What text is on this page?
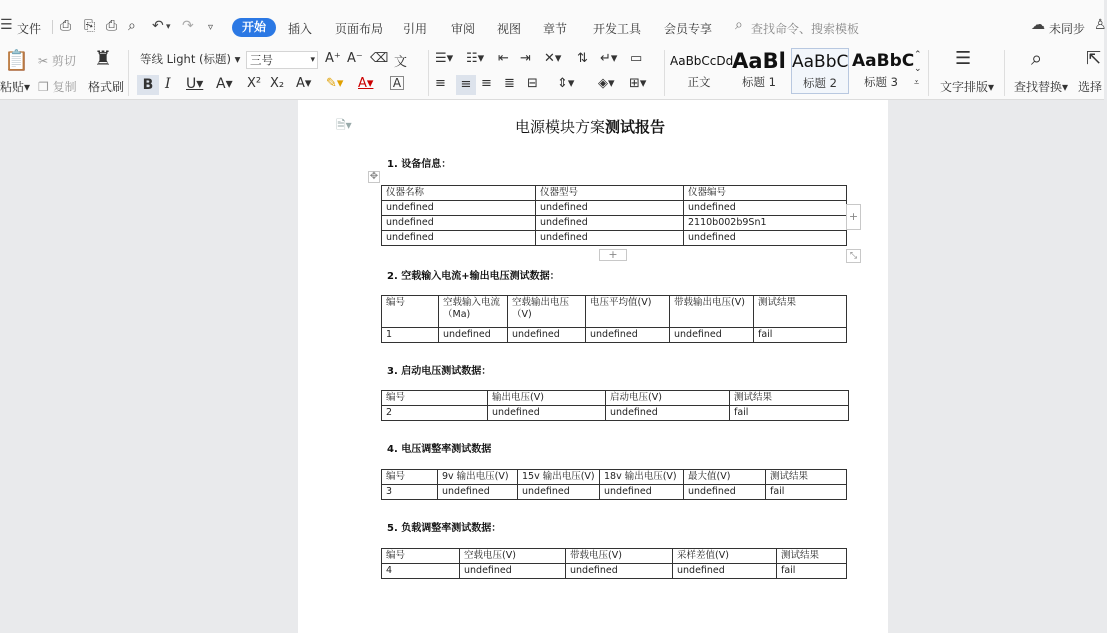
☰ 文件 ⎙ ⎘ ⎙ ⌕ ↶ ▾ ↷ ▿	开始	插入 页面布局 引用 审阅 视图 章节 开发工具 会员专享 ⌕ 查找命令、搜索模板	☁ 未同步 ♙
📋
粘贴▾
✂ 剪切
❐ 复制
♜
格式刷
等线 Light (标题) ▾ 三号	▾ A⁺ A⁻ ⌫ 文
B I U▾ A▾ X² X₂ A▾ ✎▾ A▾ A
☰▾ ☷▾ ⇤ ⇥ ✕▾ ⇅ ↵▾ ▭
≡	≡ ≡ ≣ ⊟ ⇕▾ ◈▾ ⊞▾
AaBbCcDd
正文
AaBl
标题 1
AaBbC
标题 2
AaBbC
标题 3
⌃
⌄
⩡
☰
文字排版▾
⌕
查找替换▾
⇱
选择
🗎▾	电源模块方案测试报告
1. 设备信息：
✥
仪器名称	仪器型号	仪器编号
undefined	undefined	undefined
undefined	undefined	2110b002b9Sn1
undefined	undefined	undefined
+
+	⤡
2. 空载输入电流+输出电压测试数据：
编号	空载输入电流（Ma)	空载输出电压（V)	电压平均值(V)	带载输出电压(V)	测试结果
1	undefined	undefined	undefined	undefined	fail
3. 启动电压测试数据：
编号	输出电压(V)	启动电压(V)	测试结果
2	undefined	undefined	fail
4. 电压调整率测试数据
编号	9v 输出电压(V)	15v 输出电压(V)	18v 输出电压(V)	最大值(V)	测试结果
3	undefined	undefined	undefined	undefined	fail
5. 负载调整率测试数据：
编号	空载电压(V)	带载电压(V)	采样差值(V)	测试结果
4	undefined	undefined	undefined	fail
